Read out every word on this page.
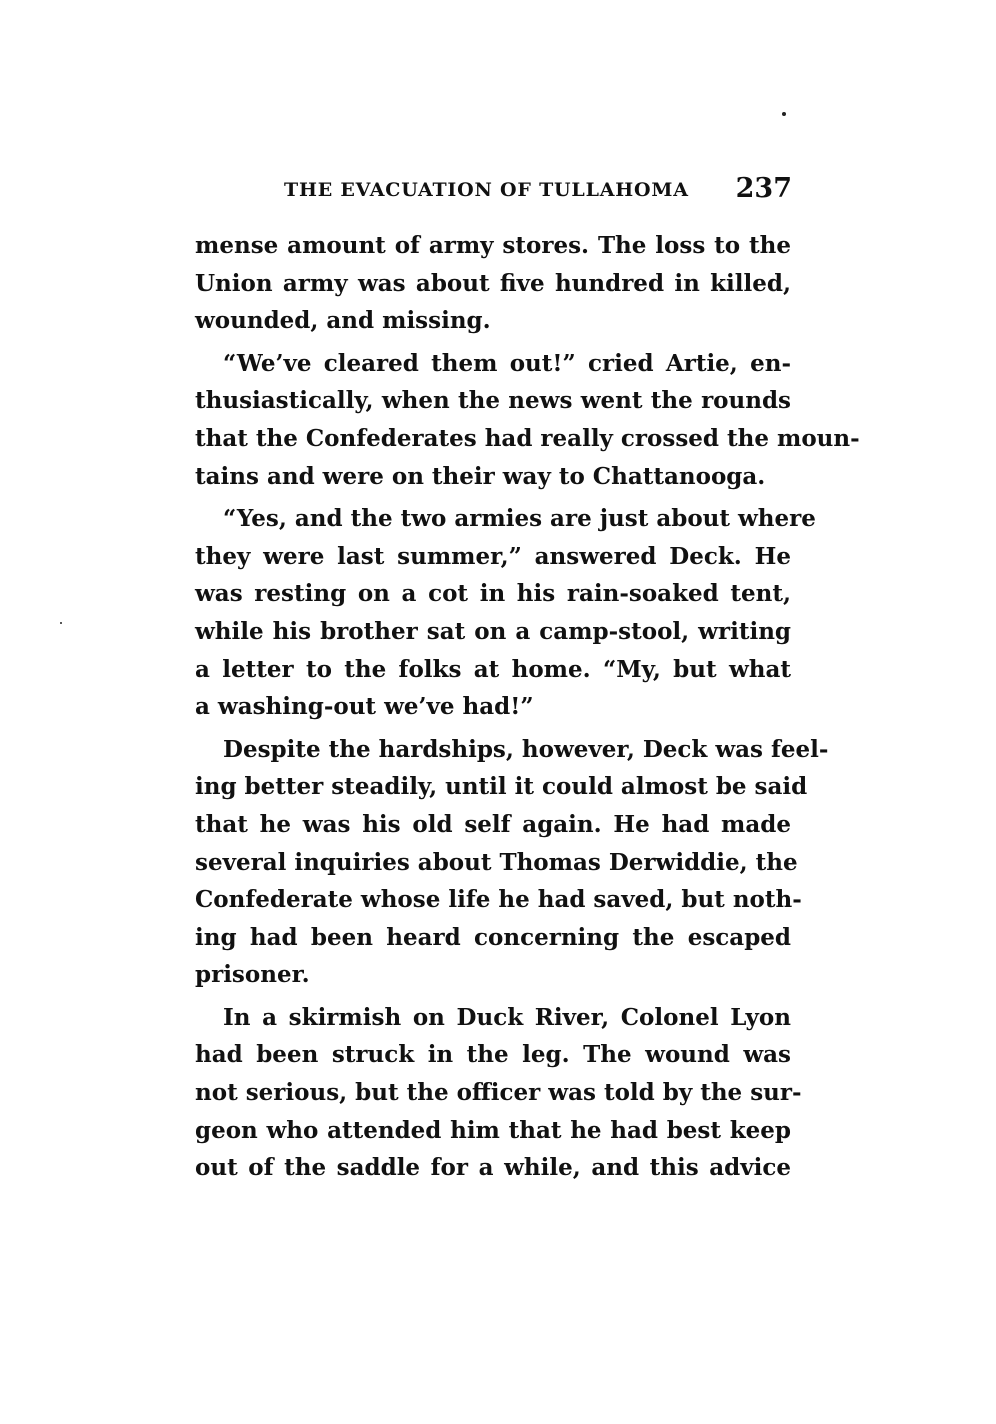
THE EVACUATION OF TULLAHOMA 237
mense amount of army stores. The loss to the
Union army was about five hundred in killed,
wounded, and missing.
“We’ve cleared them out!” cried Artie, en-
thusiastically, when the news went the rounds
that the Confederates had really crossed the moun-
tains and were on their way to Chattanooga.
“Yes, and the two armies are just about where
they were last summer,” answered Deck. He
was resting on a cot in his rain-soaked tent,
while his brother sat on a camp-stool, writing
a letter to the folks at home. “My, but what
a washing-out we’ve had!”
Despite the hardships, however, Deck was feel-
ing better steadily, until it could almost be said
that he was his old self again. He had made
several inquiries about Thomas Derwiddie, the
Confederate whose life he had saved, but noth-
ing had been heard concerning the escaped
prisoner.
In a skirmish on Duck River, Colonel Lyon
had been struck in the leg. The wound was
not serious, but the officer was told by the sur-
geon who attended him that he had best keep
out of the saddle for a while, and this advice
